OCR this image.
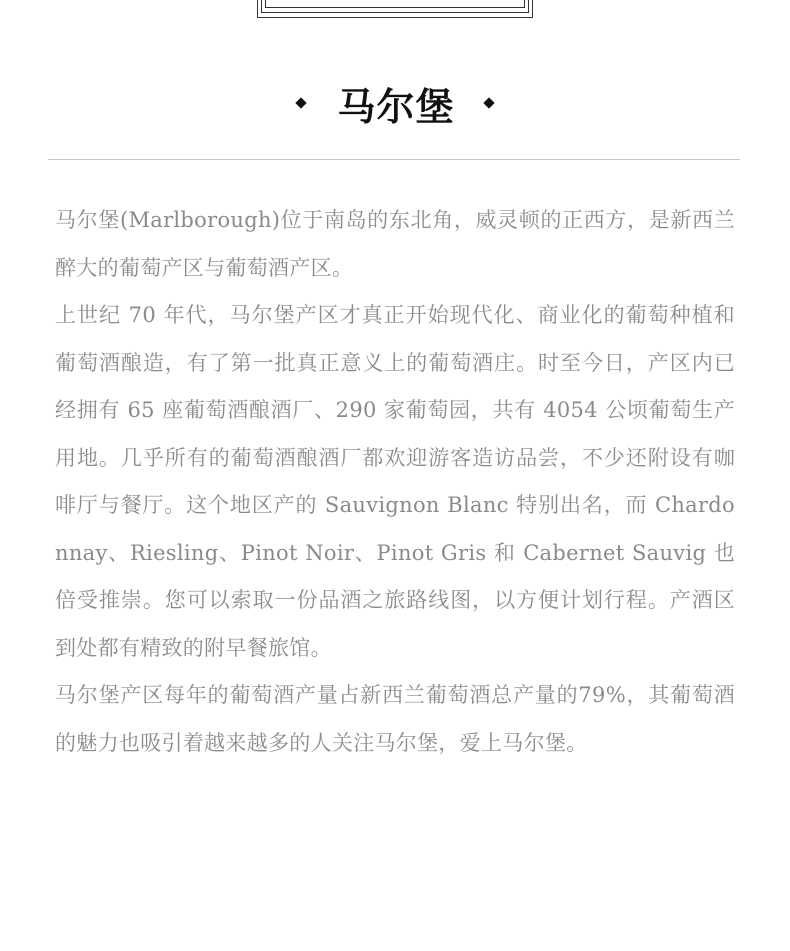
马尔堡

马尔堡(Marlborough)位于南岛的东北角，威灵顿的正西方，是新西兰醉大的葡萄产区与葡萄酒产区。

上世纪 70 年代，马尔堡产区才真正开始现代化、商业化的葡萄种植和葡萄酒酿造，有了第一批真正意义上的葡萄酒庄。时至今日，产区内已经拥有 65 座葡萄酒酿酒厂、290 家葡萄园，共有 4054 公顷葡萄生产用地。几乎所有的葡萄酒酿酒厂都欢迎游客造访品尝，不少还附设有咖啡厅与餐厅。这个地区产的 Sauvignon Blanc 特别出名，而 Chardonnay、Riesling、Pinot Noir、Pinot Gris 和 Cabernet Sauvig 也倍受推崇。您可以索取一份品酒之旅路线图，以方便计划行程。产酒区到处都有精致的附早餐旅馆。

马尔堡产区每年的葡萄酒产量占新西兰葡萄酒总产量的79%，其葡萄酒的魅力也吸引着越来越多的人关注马尔堡，爱上马尔堡。
